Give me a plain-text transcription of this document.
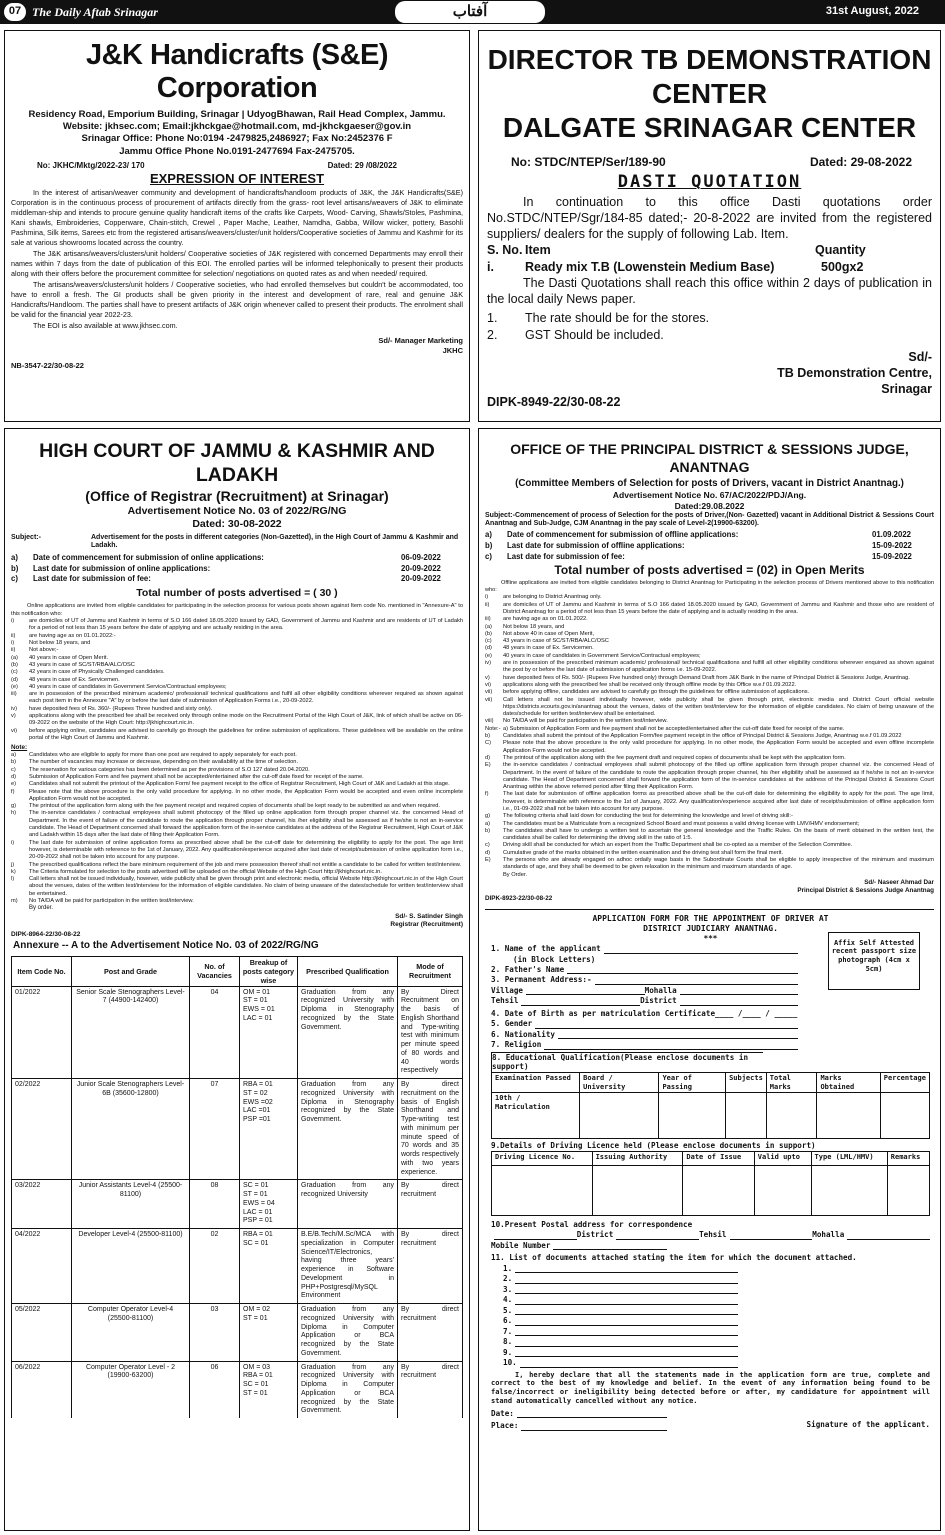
07 The Daily Aftab Srinagar	آفتاب	31st August, 2022
J&K Handicrafts (S&E) Corporation
Residency Road, Emporium Building, Srinagar | UdyogBhawan, Rail Head Complex, Jammu.
Website: jkhsec.com; Email:jkhckgae@hotmail.com, md-jkhckgaeser@gov.in
Srinagar Office: Phone No:0194 -2479825,2486927; Fax No:2452376 F
Jammu Office Phone No.0191-2477694 Fax-2475705.
No: JKHC/Mktg/2022-23/ 170	Dated: 29 /08/2022
EXPRESSION OF INTEREST

In the interest of artisan/weaver community and development of handicrafts/handloom products of J&K, the J&K Handicrafts(S&E) Corporation is in the continuous process of procurement of artifacts directly from the grass- root level artisans/weavers of J&K to eliminate middleman-ship and intends to procure genuine quality handicraft items of the crafts like Carpets, Wood- Carving, Shawls/Stoles, Pashmina, Kani shawls, Embroideries, Copperware, Chain-stitch, Crewel , Paper Mache, Leather, Namdha, Gabba, Willow wicker, pottery, Basohli Pashmina, Silk items, Sarees etc from the registered artisans/weavers/cluster/unit holders/Cooperative societies of Jammu and Kashmir for its sale at various showrooms located across the country.

The J&K artisans/weavers/clusters/unit holders/ Cooperative societies of J&K registered with concerned Departments may enroll their names within 7 days from the date of publication of this EOI. The enrolled parties will be informed telephonically to present their products along with their offers before the procurement committee for selection/ negotiations on quoted rates as and when needed/ required.

The artisans/weavers/clusters/unit holders / Cooperative societies, who had enrolled themselves but couldn't be accommodated, too have to enroll a fresh. The GI products shall be given priority in the interest and development of rare, real and genuine J&K Handicrafts/Handloom. The parties shall have to present artifacts of J&K origin whenever called to present their products. The enrolment shall be valid for the financial year 2022-23.

The EOI is also available at www.jkhsec.com.

Sd/- Manager Marketing
JKHC
NB-3547-22/30-08-22
DIRECTOR TB DEMONSTRATION CENTER
DALGATE SRINAGAR CENTER
No: STDC/NTEP/Ser/189-90	Dated: 29-08-2022
DASTI QUOTATION

In continuation to this office Dasti quotations order No.STDC/NTEP/Sgr/184-85 dated;- 20-8-2022 are invited from the registered suppliers/ dealers for the supply of following Lab. Item.

S. No. Item	Quantity
i.	Ready mix T.B (Lowenstein Medium Base)	500gx2

The Dasti Quotations shall reach this office within 2 days of publication in the local daily News paper.

1.	The rate should be for the stores.
2.	GST Should be included.
Sd/-
TB Demonstration Centre,
Srinagar
DIPK-8949-22/30-08-22
HIGH COURT OF JAMMU & KASHMIR AND LADAKH
(Office of Registrar (Recruitment) at Srinagar)
Advertisement Notice No. 03 of 2022/RG/NG
Dated: 30-08-2022
Subject:-	Advertisement for the posts in different categories (Non-Gazetted), in the High Court of Jammu & Kashmir and Ladakh.
a)	Date of commencement for submission of online applications:	06-09-2022
b)	Last date for submission of online applications:	20-09-2022
c)	Last date for submission of fee:	20-09-2022
Total number of posts advertised = ( 30 )
Online applications are invited from eligible candidates for participating in the selection process for various posts shown against Item code No. mentioned in "Annexure-A" to this notification who:
i)	are domiciles of UT of Jammu and Kashmir in terms of S.O 166 dated 18.05.2020 issued by GAD, Government of Jammu and Kashmir and are residents of UT of Ladakh for a period of not less than 15 years before the date of applying and are actually residing in the area.
ii)	are having age as on 01.01.2022:-
i)	Not below 18 years, and
ii)	Not above;-
(a)	40 years in case of Open Merit.
(b)	43 years in case of SC/ST/RBA/ALC/OSC
(c)	42 years in case of Physically Challenged candidates.
(d)	48 years in case of Ex. Servicemen.
(e)	40 years in case of candidates in Government Service/Contractual employees;
iii)	are in possession of the prescribed minimum academic/ professional/ technical qualifications and fulfil all other eligibility conditions wherever required as shown against each post item in the Annexure "A" by or before the last date of submission of Application Forms i.e., 20-09-2022.
iv)	have deposited fees of Rs. 360/- (Rupees Three hundred and sixty only).
v)	applications along with the prescribed fee shall be received only through online mode on the Recruitment Portal of the High Court of J&K, link of which shall be active on 06-09-2022 on the website of the High Court: http://jkhighcourt.nic.in.
vi)	before applying online, candidates are advised to carefully go through the guidelines for online submission of applications. These guidelines will be available on the online portal of the High Court of Jammu and Kashmir.
Note:
a)	Candidates who are eligible to apply for more than one post are required to apply separately for each post.
b)	The number of vacancies may increase or decrease, depending on their availability at the time of selection.
c)	The reservation for various categories has been determined as per the provisions of S.O 127 dated 20.04.2020.
d)	Submission of Application Form and fee payment shall not be accepted/entertained after the cut-off date fixed for receipt of the same.
e)	Candidates shall not submit the printout of the Application Form/ fee payment receipt to the office of Registrar Recruitment, High Court of J&K and Ladakh at this stage.
f)	Please note that the above procedure is the only valid procedure for applying. In no other mode, the Application Form would be accepted and even online incomplete Application Form would not be accepted.
g)	The printout of the application form along with the fee payment receipt and required copies of documents shall be kept ready to be submitted as and when required.
h)	The in-service candidates / contractual employees shall submit photocopy of the filled up online application form through proper channel viz. the concerned Head of Department. In the event of failure of the candidate to route the application through proper channel, his /her eligibility shall be assessed as if he/she is not an in-service candidate. The Head of Department concerned shall forward the application form of the in-service candidates at the address of the Registrar Recruitment, High Court of J&K and Ladakh within 15 days after the last date of filing their Application Form.
i)	The last date for submission of online application forms as prescribed above shall be the cut-off date for determining the eligibility to apply for the post. The age limit however, is determinable with reference to the 1st of January, 2022. Any qualification/experience acquired after last date of receipt/submission of online application form i.e., 20-09-2022 shall not be taken into account for any purpose.
j)	The prescribed qualifications reflect the bare minimum requirement of the job and mere possession thereof shall not entitle a candidate to be called for written test/interview.
k)	The Criteria formulated for selection to the posts advertised will be uploaded on the official Website of the High Court http://jkhighcourt.nic.in.
l)	Call letters shall not be issued individually, however, wide publicity shall be given through print and electronic media, official Website http://jkhighcourt.nic.in of the High Court about the venues, dates of the written test/interview for the information of eligible candidates. No claim of being unaware of the dates/schedule for written test/interview shall be entertained.
m)	No TA/DA will be paid for participation in the written test/interview.
By order.
Sd/- S. Satinder Singh
Registrar (Recruitment)
DIPK-8964-22/30-08-22
Annexure -- A to the Advertisement Notice No. 03 of 2022/RG/NG
Item Code No.	Post and Grade	No. of Vacancies	Breakup of posts category wise	Prescribed Qualification	Mode of Recruitment
01/2022	Senior Scale Stenographers Level-7 (44900-142400)	04	OM = 01
ST = 01
EWS = 01
LAC = 01	Graduation from any recognized University with Diploma in Stenography recognized by the State Government.	By Direct Recruitment on the basis of English Shorthand and Type-writing test with minimum per minute speed of 80 words and 40 words respectively
02/2022	Junior Scale Stenographers Level-6B (35600-12800)	07	RBA = 01
ST = 02
EWS =02
LAC =01
PSP =01	Graduation from any recognized University with Diploma in Stenography recognized by the State Government.	By direct recruitment on the basis of English Shorthand and Type-writing test with minimum per minute speed of 70 words and 35 words respectively with two years experience.
03/2022	Junior Assistants Level-4 (25500-81100)	08	SC = 01
ST = 01
EWS = 04
LAC = 01
PSP = 01	Graduation from any recognized University	By direct recruitment
04/2022	Developer Level-4 (25500-81100)	02	RBA = 01
SC = 01	B.E/B.Tech/M.Sc/MCA with specialization in Computer Science/IT/Electronics, having three years' experience in Software Development in PHP+Postgresql/MySQL Environment	By direct recruitment
05/2022	Computer Operator Level-4 (25500-81100)	03	OM = 02
ST = 01	Graduation from any recognized University with Diploma in Computer Application or BCA recognized by the State Government.	By direct recruitment
06/2022	Computer Operator Level - 2 (19900-63200)	06	OM = 03
RBA = 01
SC = 01
ST = 01	Graduation from any recognized University with Diploma in Computer Application or BCA recognized by the State Government.	By direct recruitment
OFFICE OF THE PRINCIPAL DISTRICT & SESSIONS JUDGE, ANANTNAG
(Committee Members of Selection for posts of Drivers, vacant in District Anantnag.)
Advertisement Notice No. 67/AC/2022/PDJ/Ang.
Dated:29.08.2022
Subject:-Commencement of process of Selection for the posts of Driver,(Non- Gazetted) vacant in Additional District & Sessions Court Anantnag and Sub-Judge, CJM Anantnag in the pay scale of Level-2(19900-63200).
a)	Date of commencement for submission of offline applications:	01.09.2022
b)	Last date for submission of offline applications:	15-09-2022
c)	Last date for submission of fee:	15-09-2022
Total number of posts advertised = (02) in Open Merits
Offline applications are invited from eligible candidates belonging to District Anantnag for Participating in the selection process of Drivers mentioned above to this notification who:
i)	are belonging to District Anantnag only.
ii)	are domiciles of UT of Jammu and Kashmir in terms of S.O 166 dated 18.05.2020 issued by GAD, Government of Jammu and Kashmir and those who are resident of District Anantnag for a period of not less than 15 years before the date of applying and is actually residing in the area.
iii)	are having age as on 01.01.2022.
(a)	Not below 18 years, and
(b)	Not above 40 in case of Open Merit,
(c)	43 years in case of SC/ST/RBA/ALC/OSC
(d)	48 years in case of Ex. Servicemen.
(e)	40 years in case of candidates in Government Service/Contractual employees;
iv)	are in possession of the prescribed minimum academic/ professional/ technical qualifications and fulfill all other eligibility conditions wherever enquired as shown against the post by or before the last date of submission of application forms i.e. 15-09-2022.
v)	have deposited fees of Rs. 500/- (Rupees Five hundred only) through Demand Draft from J&K Bank in the name of Principal District & Sessions Judge, Anantnag.
vi)	applications along with the prescribed fee shall be received only through offline mode by this Office w.e.f 01.09.2022.
vii)	before applying offline, candidates are advised to carefully go through the guidelines for offline submission of applications.
vii)	Call letters shall not be issued individually however, wide publicity shall be given through print, electronic media and District Court official website https://districts.ecourts.gov.in/anantnag about the venues, dates of the written test/interview for the information of eligible candidates. No claim of being unaware of the dates/schedule for written test/interview shall be entertained.
viii)	No TA/DA will be paid for participation in the written test/interview.
Note:- a) Submission of Application Form and fee payment shall not be accepted/entertained after the cut-off date fixed for receipt of the same.
b)	Candidates shall submit the printout of the Application Form/fee payment receipt in the office of Principal District & Sessions Judge, Anantnag w.e.f 01.09.2022
C)	Please note that the above procedure is the only valid procedure for applying. In no other mode, the Application Form would be accepted and even offline incomplete Application Form would not be accepted.
d)	The printout of the application along with the fee payment draft and required copies of documents shall be kept with the application form.
E)	the in-service candidates / contractual employees shall submit photocopy of the filled up offline application form through proper channel viz. the concerned Head of Department. In the event of failure of the candidate to route the application through proper channel, his /her eligibility shall be assessed as if he/she is not an in-service candidate. The Head of Department concerned shall forward the application form of the in-service candidates at the address of the Principal District & Sessions Court Anantnag within the above referred period after filing their Application Form.
f)	The last date for submission of offline application forms as prescribed above shall be the cut-off date for determining the eligibility to apply for the post. The age limit, however, is determinable with reference to the 1st of January, 2022. Any qualification/experience acquired after last date of receipt/submission of offline application form i.e., 01-09-2022 shall not be taken into account for any purpose.
g)	The following criteria shall laid down for conducting the test for determining the knowledge and level of driving skill:-
a)	The candidates must be a Matriculate from a recognized School Board and must possess a valid driving license with LMV/HMV endorsement;
b)	The candidates shall have to undergo a written test to ascertain the general knowledge and the Traffic Rules. On the basis of merit obtained in the written test, the candidates shall be called for determining the driving skill in the ratio of 1:5.
c)	Driving skill shall be conducted for which an expert from the Traffic Department shall be co-opted as a member of the Selection Committee.
d)	Cumulative grade of the marks obtained in the written examination and the driving test shall form the final merit.
E)	The persons who are already engaged on adhoc ordaily wage basis in the Subordinate Courts shall be eligible to apply irrespective of the minimum and maximum standards of age, and they shall be deemed to be given relaxation in the minimum and maximum standards of age.
By Order.
Sd/- Naseer Ahmad Dar
Principal District & Sessions Judge Anantnag
DIPK-8923-22/30-08-22
APPLICATION FORM FOR THE APPOINTMENT OF DRIVER AT
DISTRICT JUDICIARY ANANTNAG.
***	Affix Self Attested recent passport size photograph (4cm x 5cm)
1. Name of the applicant
(in Block Letters)
2. Father's Name
3. Permanent Address:-
Village	Mohalla
Tehsil	District
4. Date of Birth as per matriculation Certificate____ /____ / _____
5. Gender
6. Nationality
7. Religion
8. Educational Qualification(Please enclose documents in support)
Examination Passed	Board / University	Year of Passing	Subjects	Total Marks	Marks Obtained	Percentage
10th / Matriculation						
9.Details of Driving Licence held (Please enclose documents in support)
Driving Licence No.	Issuing Authority	Date of Issue	Valid upto	Type (LML/HMV)	Remarks

10.Present Postal address for correspondence
District	Tehsil	Mohalla
Mobile Number
11. List of documents attached stating the item for which the document attached.
1.
2.
3.
4.
5.
6.
7.
8.
9.
10.
I, hereby declare that all the statements made in the application form are true, complete and correct to the best of my knowledge and belief. In the event of any information being found to be false/incorrect or ineligibility being detected before or after, my candidature for appointment will stand automatically cancelled without any notice.
Date:
Place:	Signature of the applicant.
